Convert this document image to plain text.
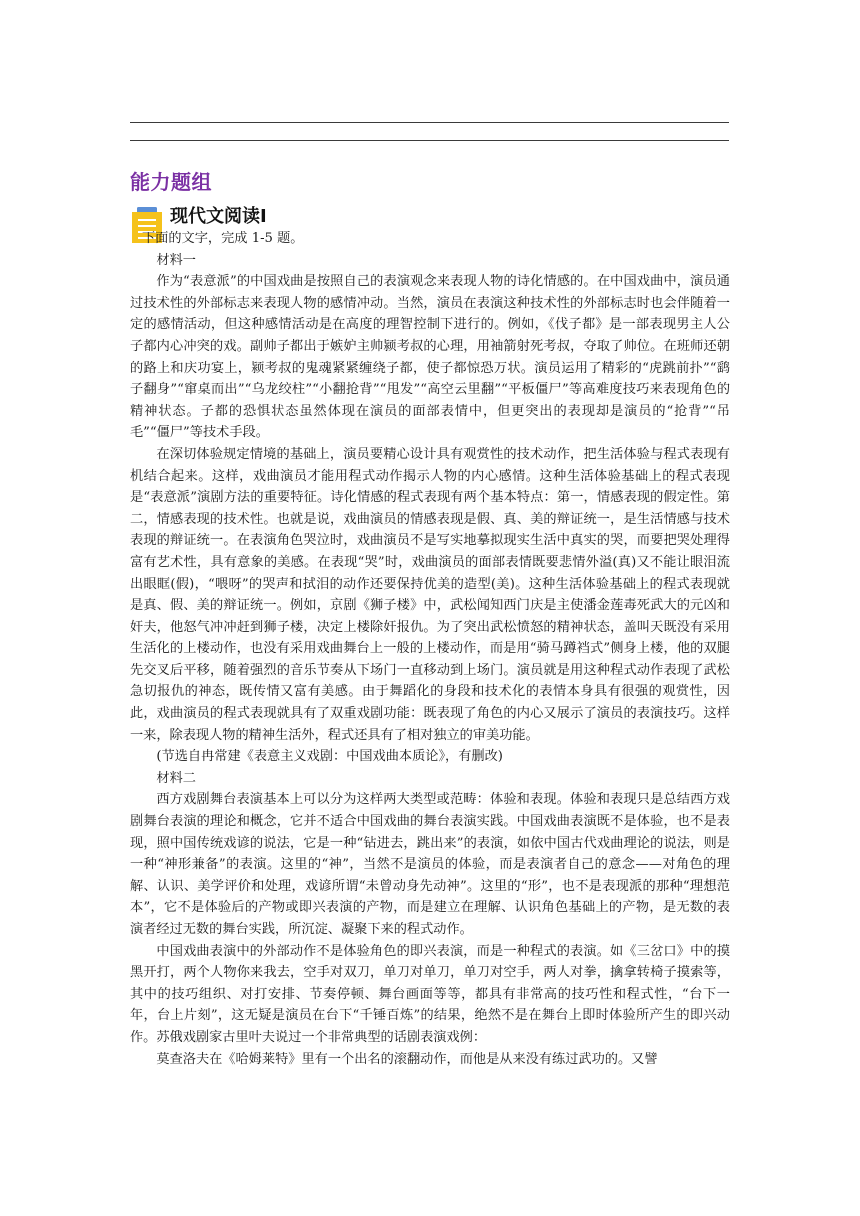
能力题组
现代文阅读Ⅰ

下面的文字，完成 1-5 题。

材料一

作为“表意派”的中国戏曲是按照自己的表演观念来表现人物的诗化情感的。在中国戏曲中，演员通过技术性的外部标志来表现人物的感情冲动。当然，演员在表演这种技术性的外部标志时也会伴随着一定的感情活动，但这种感情活动是在高度的理智控制下进行的。例如，《伐子都》是一部表现男主人公子都内心冲突的戏。副帅子都出于嫉妒主帅颍考叔的心理，用袖箭射死考叔，夺取了帅位。在班师还朝的路上和庆功宴上，颍考叔的鬼魂紧紧缠绕子都，使子都惊恐万状。演员运用了精彩的“虎跳前扑”“鹞子翻身”“窜桌而出”“乌龙绞柱”“小翻抢背”“甩发”“高空云里翻”“平板僵尸”等高难度技巧来表现角色的精神状态。子都的恐惧状态虽然体现在演员的面部表情中，但更突出的表现却是演员的“抢背”“吊毛”“僵尸”等技术手段。

在深切体验规定情境的基础上，演员要精心设计具有观赏性的技术动作，把生活体验与程式表现有机结合起来。这样，戏曲演员才能用程式动作揭示人物的内心感情。这种生活体验基础上的程式表现是“表意派”演剧方法的重要特征。诗化情感的程式表现有两个基本特点：第一，情感表现的假定性。第二，情感表现的技术性。也就是说，戏曲演员的情感表现是假、真、美的辩证统一，是生活情感与技术表现的辩证统一。在表演角色哭泣时，戏曲演员不是写实地摹拟现实生活中真实的哭，而要把哭处理得富有艺术性，具有意象的美感。在表现“哭”时，戏曲演员的面部表情既要悲情外溢(真)又不能让眼泪流出眼眶(假)，“喂呀”的哭声和拭泪的动作还要保持优美的造型(美)。这种生活体验基础上的程式表现就是真、假、美的辩证统一。例如，京剧《狮子楼》中，武松闻知西门庆是主使潘金莲毒死武大的元凶和奸夫，他怒气冲冲赶到狮子楼，决定上楼除奸报仇。为了突出武松愤怒的精神状态，盖叫天既没有采用生活化的上楼动作，也没有采用戏曲舞台上一般的上楼动作，而是用“骑马蹲裆式”侧身上楼，他的双腿先交叉后平移，随着强烈的音乐节奏从下场门一直移动到上场门。演员就是用这种程式动作表现了武松急切报仇的神态，既传情又富有美感。由于舞蹈化的身段和技术化的表情本身具有很强的观赏性，因此，戏曲演员的程式表现就具有了双重戏剧功能：既表现了角色的内心又展示了演员的表演技巧。这样一来，除表现人物的精神生活外，程式还具有了相对独立的审美功能。

(节选自冉常建《表意主义戏剧：中国戏曲本质论》，有删改)

材料二

西方戏剧舞台表演基本上可以分为这样两大类型或范畴：体验和表现。体验和表现只是总结西方戏剧舞台表演的理论和概念，它并不适合中国戏曲的舞台表演实践。中国戏曲表演既不是体验，也不是表现，照中国传统戏谚的说法，它是一种“钻进去，跳出来”的表演，如依中国古代戏曲理论的说法，则是一种“神形兼备”的表演。这里的“神”，当然不是演员的体验，而是表演者自己的意念——对角色的理解、认识、美学评价和处理，戏谚所谓“未曾动身先动神”。这里的“形”，也不是表现派的那种“理想范本”，它不是体验后的产物或即兴表演的产物，而是建立在理解、认识角色基础上的产物，是无数的表演者经过无数的舞台实践，所沉淀、凝聚下来的程式动作。

中国戏曲表演中的外部动作不是体验角色的即兴表演，而是一种程式的表演。如《三岔口》中的摸黑开打，两个人物你来我去，空手对双刀，单刀对单刀，单刀对空手，两人对拳，擒拿转椅子摸索等，其中的技巧组织、对打安排、节奏停顿、舞台画面等等，都具有非常高的技巧性和程式性，“台下一年，台上片刻”，这无疑是演员在台下“千锤百炼”的结果，绝然不是在舞台上即时体验所产生的即兴动作。苏俄戏剧家古里叶夫说过一个非常典型的话剧表演戏例：

莫查洛夫在《哈姆莱特》里有一个出名的滚翻动作，而他是从来没有练过武功的。又譬
